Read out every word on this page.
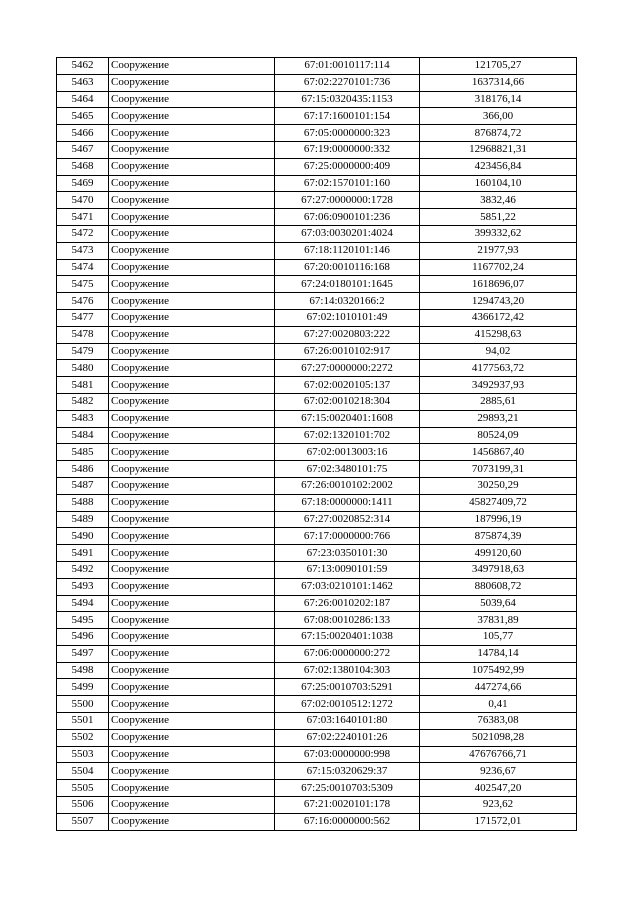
5462	Сооружение	67:01:0010117:114	121705,27
5463	Сооружение	67:02:2270101:736	1637314,66
5464	Сооружение	67:15:0320435:1153	318176,14
5465	Сооружение	67:17:1600101:154	366,00
5466	Сооружение	67:05:0000000:323	876874,72
5467	Сооружение	67:19:0000000:332	12968821,31
5468	Сооружение	67:25:0000000:409	423456,84
5469	Сооружение	67:02:1570101:160	160104,10
5470	Сооружение	67:27:0000000:1728	3832,46
5471	Сооружение	67:06:0900101:236	5851,22
5472	Сооружение	67:03:0030201:4024	399332,62
5473	Сооружение	67:18:1120101:146	21977,93
5474	Сооружение	67:20:0010116:168	1167702,24
5475	Сооружение	67:24:0180101:1645	1618696,07
5476	Сооружение	67:14:0320166:2	1294743,20
5477	Сооружение	67:02:1010101:49	4366172,42
5478	Сооружение	67:27:0020803:222	415298,63
5479	Сооружение	67:26:0010102:917	94,02
5480	Сооружение	67:27:0000000:2272	4177563,72
5481	Сооружение	67:02:0020105:137	3492937,93
5482	Сооружение	67:02:0010218:304	2885,61
5483	Сооружение	67:15:0020401:1608	29893,21
5484	Сооружение	67:02:1320101:702	80524,09
5485	Сооружение	67:02:0013003:16	1456867,40
5486	Сооружение	67:02:3480101:75	7073199,31
5487	Сооружение	67:26:0010102:2002	30250,29
5488	Сооружение	67:18:0000000:1411	45827409,72
5489	Сооружение	67:27:0020852:314	187996,19
5490	Сооружение	67:17:0000000:766	875874,39
5491	Сооружение	67:23:0350101:30	499120,60
5492	Сооружение	67:13:0090101:59	3497918,63
5493	Сооружение	67:03:0210101:1462	880608,72
5494	Сооружение	67:26:0010202:187	5039,64
5495	Сооружение	67:08:0010286:133	37831,89
5496	Сооружение	67:15:0020401:1038	105,77
5497	Сооружение	67:06:0000000:272	14784,14
5498	Сооружение	67:02:1380104:303	1075492,99
5499	Сооружение	67:25:0010703:5291	447274,66
5500	Сооружение	67:02:0010512:1272	0,41
5501	Сооружение	67:03:1640101:80	76383,08
5502	Сооружение	67:02:2240101:26	5021098,28
5503	Сооружение	67:03:0000000:998	47676766,71
5504	Сооружение	67:15:0320629:37	9236,67
5505	Сооружение	67:25:0010703:5309	402547,20
5506	Сооружение	67:21:0020101:178	923,62
5507	Сооружение	67:16:0000000:562	171572,01
